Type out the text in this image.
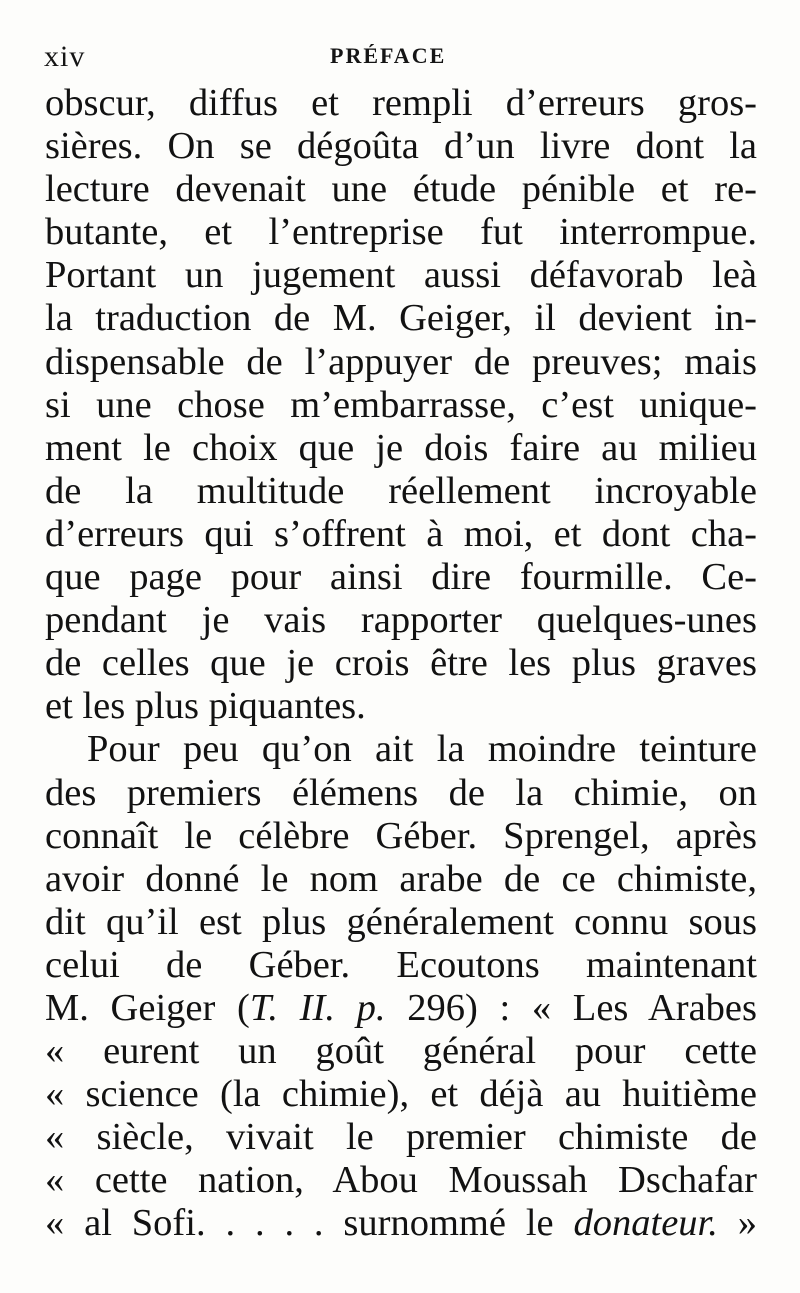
xiv	PRÉFACE
obscur, diffus et rempli d’erreurs gros-
sières. On se dégoûta d’un livre dont la
lecture devenait une étude pénible et re-
butante, et l’entreprise fut interrompue.
Portant un jugement aussi défavorab leà
la traduction de M. Geiger, il devient in-
dispensable de l’appuyer de preuves; mais
si une chose m’embarrasse, c’est unique-
ment le choix que je dois faire au milieu
de la multitude réellement incroyable
d’erreurs qui s’offrent à moi, et dont cha-
que page pour ainsi dire fourmille. Ce-
pendant je vais rapporter quelques-unes
de celles que je crois être les plus graves
et les plus piquantes.
Pour peu qu’on ait la moindre teinture
des premiers élémens de la chimie, on
connaît le célèbre Géber. Sprengel, après
avoir donné le nom arabe de ce chimiste,
dit qu’il est plus généralement connu sous
celui de Géber. Ecoutons maintenant
M. Geiger (T. II. p. 296) : « Les Arabes
« eurent un goût général pour cette
« science (la chimie), et déjà au huitième
« siècle, vivait le premier chimiste de
« cette nation, Abou Moussah Dschafar
« al Sofi. . . . . surnommé le donateur. »
